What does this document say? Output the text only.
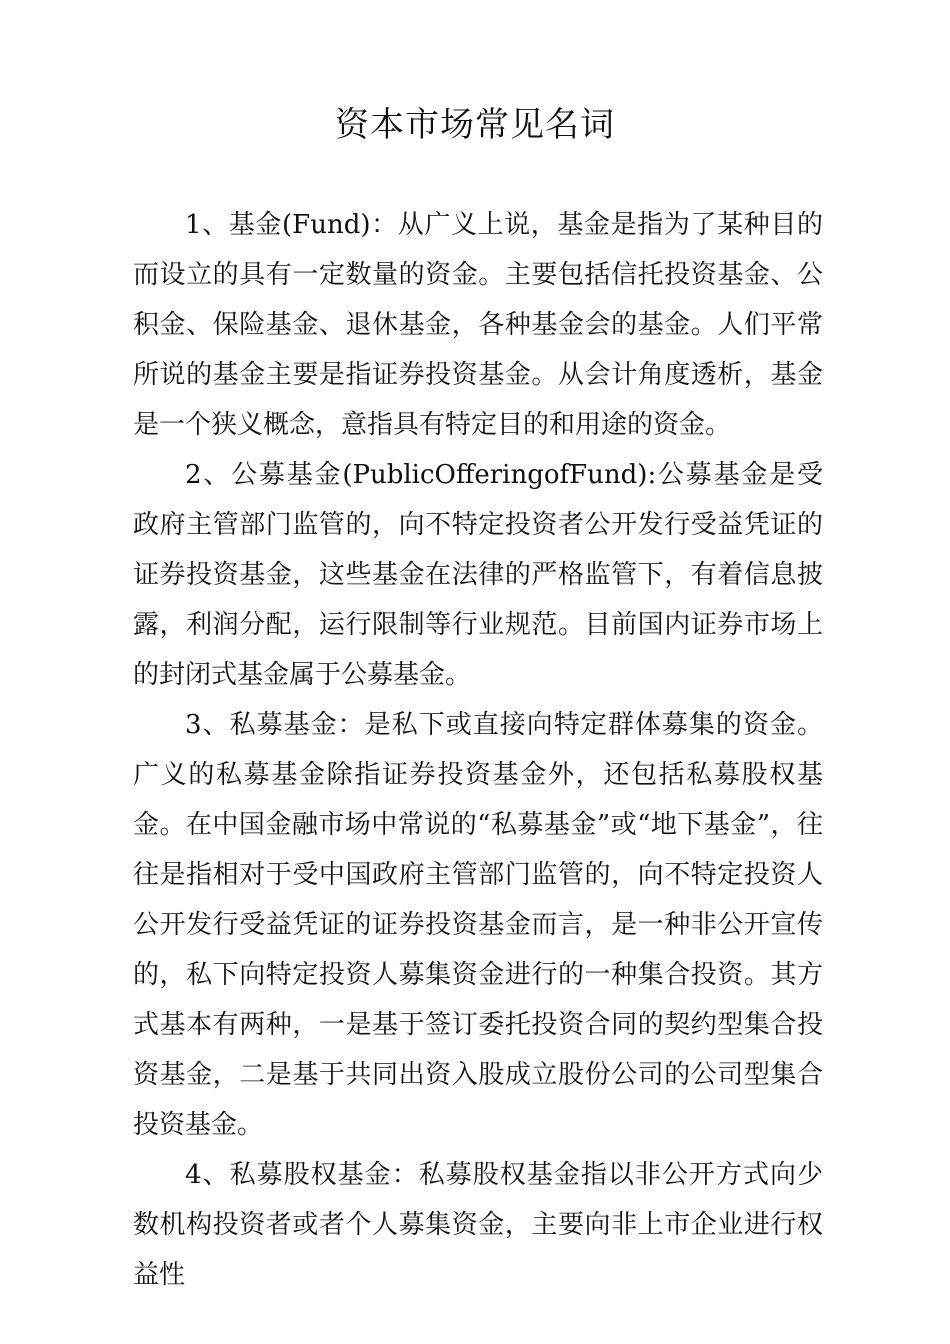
资本市场常见名词

1、基金(Fund)：从广义上说，基金是指为了某种目的而设立的具有一定数量的资金。主要包括信托投资基金、公积金、保险基金、退休基金，各种基金会的基金。人们平常所说的基金主要是指证券投资基金。从会计角度透析，基金是一个狭义概念，意指具有特定目的和用途的资金。

2、公募基金(PublicOfferingofFund):公募基金是受政府主管部门监管的，向不特定投资者公开发行受益凭证的证券投资基金，这些基金在法律的严格监管下，有着信息披露，利润分配，运行限制等行业规范。目前国内证券市场上的封闭式基金属于公募基金。

3、私募基金：是私下或直接向特定群体募集的资金。广义的私募基金除指证券投资基金外，还包括私募股权基金。在中国金融市场中常说的“私募基金”或“地下基金”，往往是指相对于受中国政府主管部门监管的，向不特定投资人公开发行受益凭证的证券投资基金而言，是一种非公开宣传的，私下向特定投资人募集资金进行的一种集合投资。其方式基本有两种，一是基于签订委托投资合同的契约型集合投资基金，二是基于共同出资入股成立股份公司的公司型集合投资基金。

4、私募股权基金：私募股权基金指以非公开方式向少数机构投资者或者个人募集资金，主要向非上市企业进行权益性
